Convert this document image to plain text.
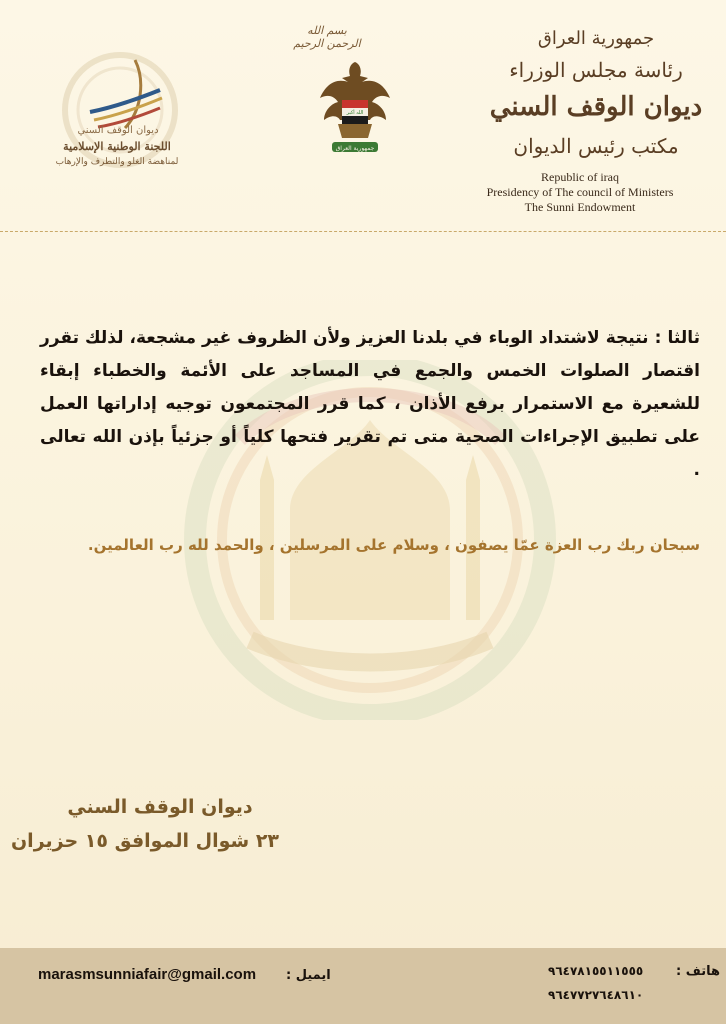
بسم الله الرحمن الرحيم
ديوان الوقف السني
اللجنة الوطنية الإسلامية
لمناهضة الغلو والتطرف والإرهاب
الله أكبر
جمهورية العراق
جمهورية العراق
رئاسة مجلس الوزراء
ديوان الوقف السني
مكتب رئيس الديوان
Republic of iraq
Presidency of The council of Ministers
The Sunni Endowment
ثالثا : نتيجة لاشتداد الوباء في بلدنا العزيز ولأن الظروف غير مشجعة، لذلك تقرر اقتصار الصلوات الخمس والجمع في المساجد على الأئمة والخطباء إبقاء للشعيرة مع الاستمرار برفع الأذان ، كما قرر المجتمعون توجيه إداراتها العمل على تطبيق الإجراءات الصحية متى تم تقرير فتحها كلياً أو جزئياً بإذن الله تعالى .
سبحان ربك رب العزة عمّا يصفون ، وسلام على المرسلين ، والحمد لله رب العالمين.
ديوان الوقف السني
٢٣ شوال الموافق ١٥ حزيران
ايميل :
marasmsunniafair@gmail.com	هاتف :
٩٦٤٧٨١٥٥١١٥٥٥
٩٦٤٧٧٢٧٦٤٨٦١٠
